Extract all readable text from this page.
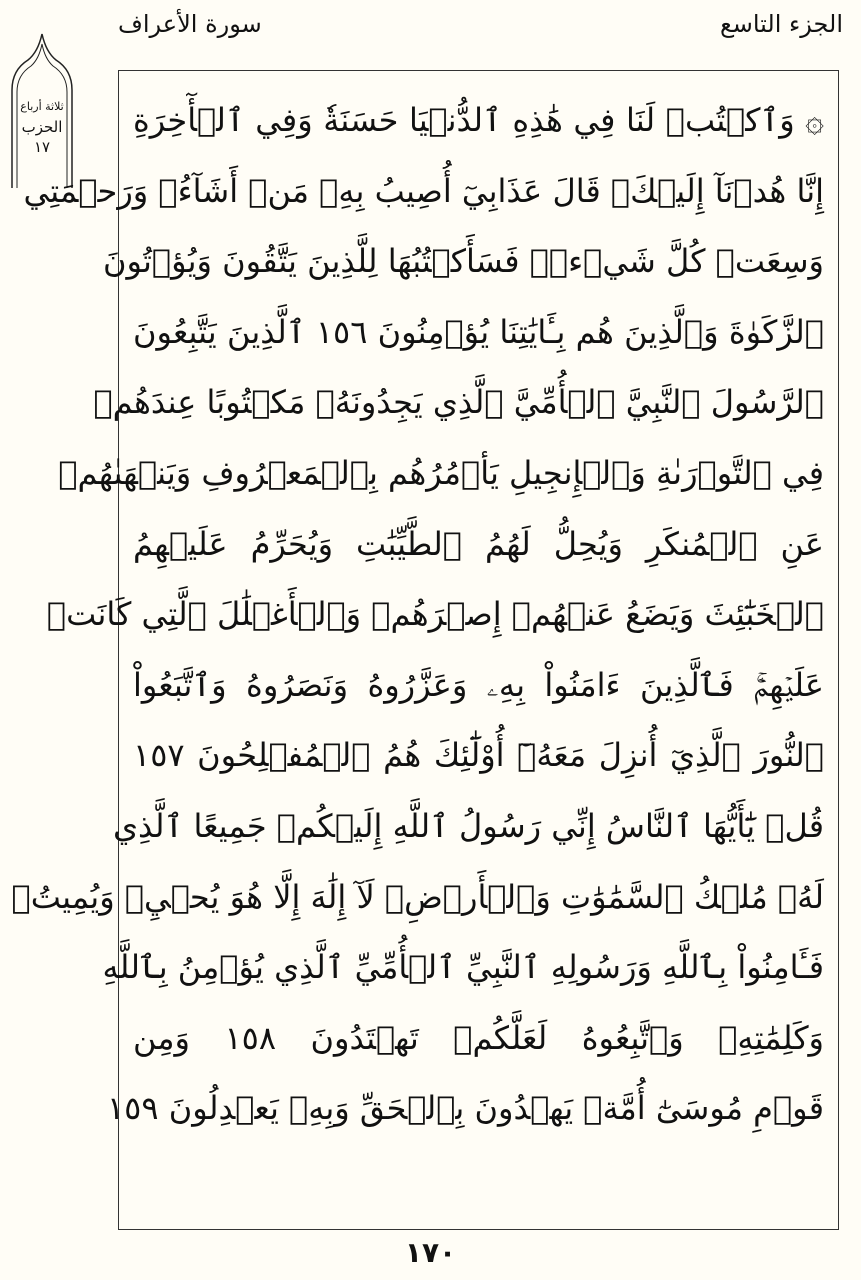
سورة الأعراف	الجزء التاسع
ثلاثة أرباع
الحزب
١٧
۞ وَٱكۡتُبۡ لَنَا فِي هَٰذِهِ ٱلدُّنۡيَا حَسَنَةٗ وَفِي ٱلۡأٓخِرَةِ
إِنَّا هُدۡنَآ إِلَيۡكَۚ قَالَ عَذَابِيٓ أُصِيبُ بِهِۦ مَنۡ أَشَآءُۖ وَرَحۡمَتِي
وَسِعَتۡ كُلَّ شَيۡءٖۚ فَسَأَكۡتُبُهَا لِلَّذِينَ يَتَّقُونَ وَيُؤۡتُونَ
ٱلزَّكَوٰةَ وَٱلَّذِينَ هُم بِـَٔايَٰتِنَا يُؤۡمِنُونَ ١٥٦ ٱلَّذِينَ يَتَّبِعُونَ
ٱلرَّسُولَ ٱلنَّبِيَّ ٱلۡأُمِّيَّ ٱلَّذِي يَجِدُونَهُۥ مَكۡتُوبًا عِندَهُمۡ
فِي ٱلتَّوۡرَىٰةِ وَٱلۡإِنجِيلِ يَأۡمُرُهُم بِٱلۡمَعۡرُوفِ وَيَنۡهَىٰهُمۡ
عَنِ ٱلۡمُنكَرِ وَيُحِلُّ لَهُمُ ٱلطَّيِّبَٰتِ وَيُحَرِّمُ عَلَيۡهِمُ
ٱلۡخَبَٰٓئِثَ وَيَضَعُ عَنۡهُمۡ إِصۡرَهُمۡ وَٱلۡأَغۡلَٰلَ ٱلَّتِي كَانَتۡ
عَلَيۡهِمۡۚ فَٱلَّذِينَ ءَامَنُواْ بِهِۦ وَعَزَّرُوهُ وَنَصَرُوهُ وَٱتَّبَعُواْ
ٱلنُّورَ ٱلَّذِيٓ أُنزِلَ مَعَهُۥٓ أُوْلَٰٓئِكَ هُمُ ٱلۡمُفۡلِحُونَ ١٥٧
قُلۡ يَٰٓأَيُّهَا ٱلنَّاسُ إِنِّي رَسُولُ ٱللَّهِ إِلَيۡكُمۡ جَمِيعًا ٱلَّذِي
لَهُۥ مُلۡكُ ٱلسَّمَٰوَٰتِ وَٱلۡأَرۡضِۖ لَآ إِلَٰهَ إِلَّا هُوَ يُحۡيِۦ وَيُمِيتُۖ
فَـَٔامِنُواْ بِٱللَّهِ وَرَسُولِهِ ٱلنَّبِيِّ ٱلۡأُمِّيِّ ٱلَّذِي يُؤۡمِنُ بِٱللَّهِ
وَكَلِمَٰتِهِۦ وَٱتَّبِعُوهُ لَعَلَّكُمۡ تَهۡتَدُونَ ١٥٨ وَمِن
قَوۡمِ مُوسَىٰٓ أُمَّةٞ يَهۡدُونَ بِٱلۡحَقِّ وَبِهِۦ يَعۡدِلُونَ ١٥٩
١٧٠
